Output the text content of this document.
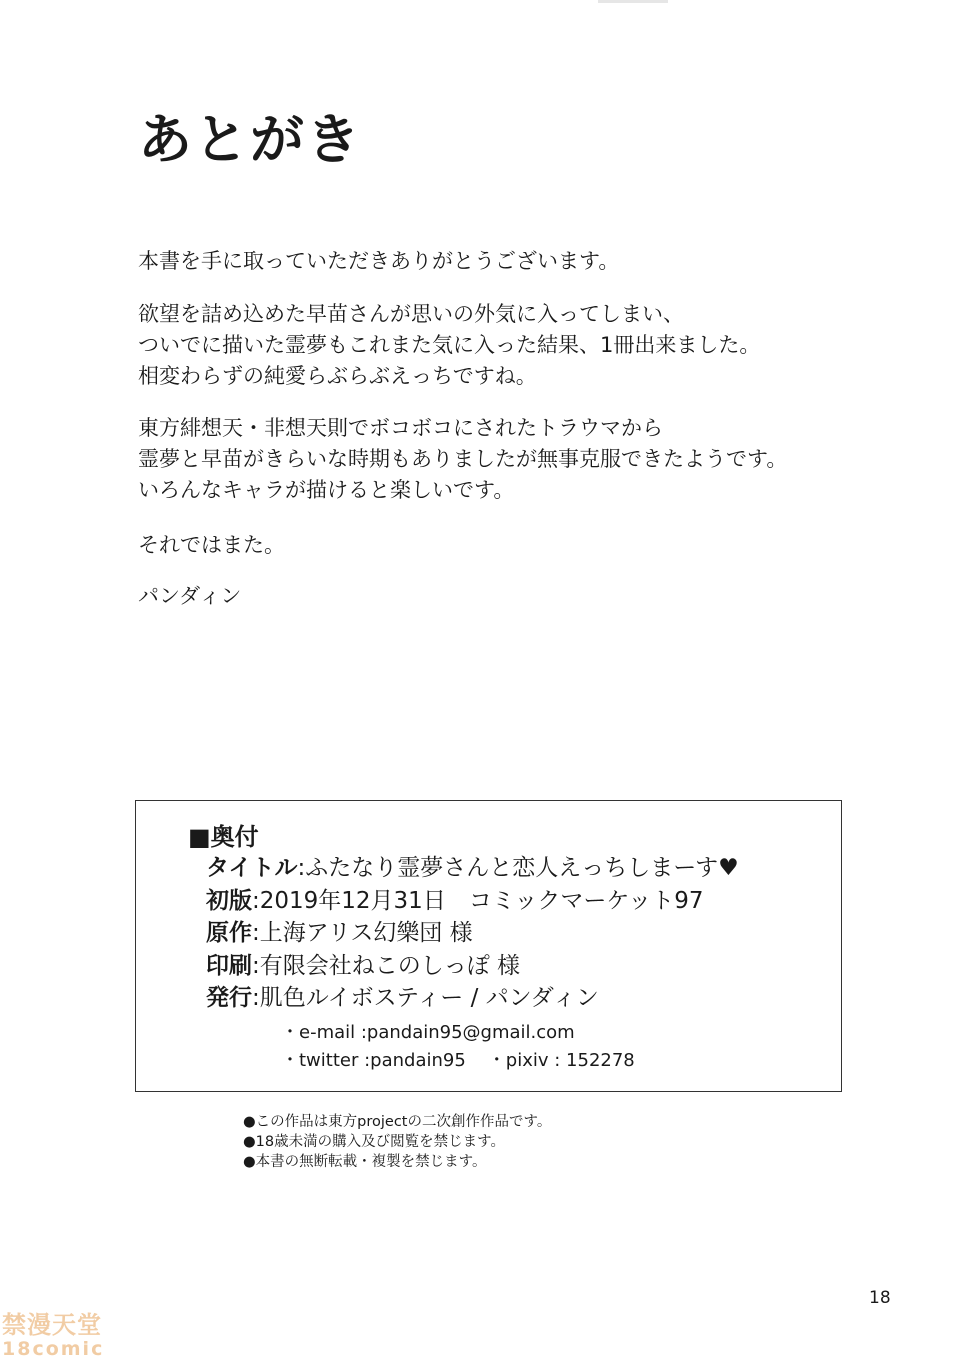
あとがき

本書を手に取っていただきありがとうございます。

欲望を詰め込めた早苗さんが思いの外気に入ってしまい、

ついでに描いた霊夢もこれまた気に入った結果、1冊出来ました。

相変わらずの純愛らぶらぶえっちですね。

東方緋想天・非想天則でボコボコにされたトラウマから

霊夢と早苗がきらいな時期もありましたが無事克服できたようです。

いろんなキャラが描けると楽しいです。

それではまた。

パンダィン

■奥付
タイトル:ふたなり霊夢さんと恋人えっちしまーす♥
初版:2019年12月31日　コミックマーケット97
原作:上海アリス幻樂団 様
印刷:有限会社ねこのしっぽ 様
発行:肌色ルイボスティー / パンダィン
・e-mail :pandain95@gmail.com
・twitter :pandain95 ・pixiv : 152278
●この作品は東方projectの二次創作作品です。
●18歳未満の購入及び閲覧を禁じます。
●本書の無断転載・複製を禁じます。
18
禁漫天堂
18comic
